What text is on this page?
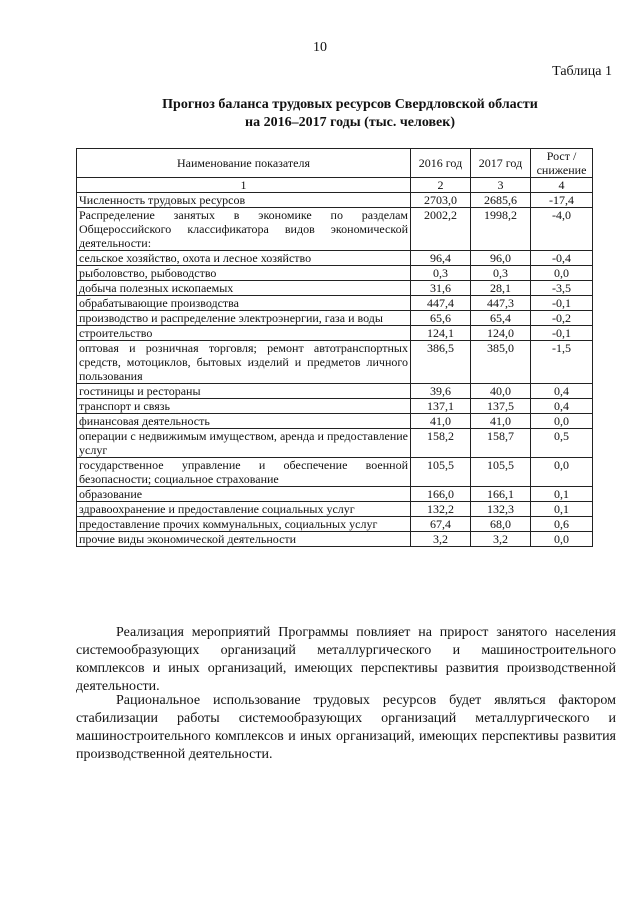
10
Таблица 1
Прогноз баланса трудовых ресурсов Свердловской области
на 2016–2017 годы (тыс. человек)
Наименование показателя	2016 год	2017 год	Рост / снижение
1	2	3	4
Численность трудовых ресурсов	2703,0	2685,6	-17,4
Распределение занятых в экономике по разделам Общероссийского классификатора видов экономической деятельности:	2002,2	1998,2	-4,0
сельское хозяйство, охота и лесное хозяйство	96,4	96,0	-0,4
рыболовство, рыбоводство	0,3	0,3	0,0
добыча полезных ископаемых	31,6	28,1	-3,5
обрабатывающие производства	447,4	447,3	-0,1
производство и распределение электроэнергии, газа и воды	65,6	65,4	-0,2
строительство	124,1	124,0	-0,1
оптовая и розничная торговля; ремонт автотранспортных средств, мотоциклов, бытовых изделий и предметов личного пользования	386,5	385,0	-1,5
гостиницы и рестораны	39,6	40,0	0,4
транспорт и связь	137,1	137,5	0,4
финансовая деятельность	41,0	41,0	0,0
операции с недвижимым имуществом, аренда и предоставление услуг	158,2	158,7	0,5
государственное управление и обеспечение военной безопасности; социальное страхование	105,5	105,5	0,0
образование	166,0	166,1	0,1
здравоохранение и предоставление социальных услуг	132,2	132,3	0,1
предоставление прочих коммунальных, социальных услуг	67,4	68,0	0,6
прочие виды экономической деятельности	3,2	3,2	0,0
Реализация мероприятий Программы повлияет на прирост занятого населения системообразующих организаций металлургического и машиностроительного комплексов и иных организаций, имеющих перспективы развития производственной деятельности.
Рациональное использование трудовых ресурсов будет являться фактором стабилизации работы системообразующих организаций металлургического и машиностроительного комплексов и иных организаций, имеющих перспективы развития производственной деятельности.
